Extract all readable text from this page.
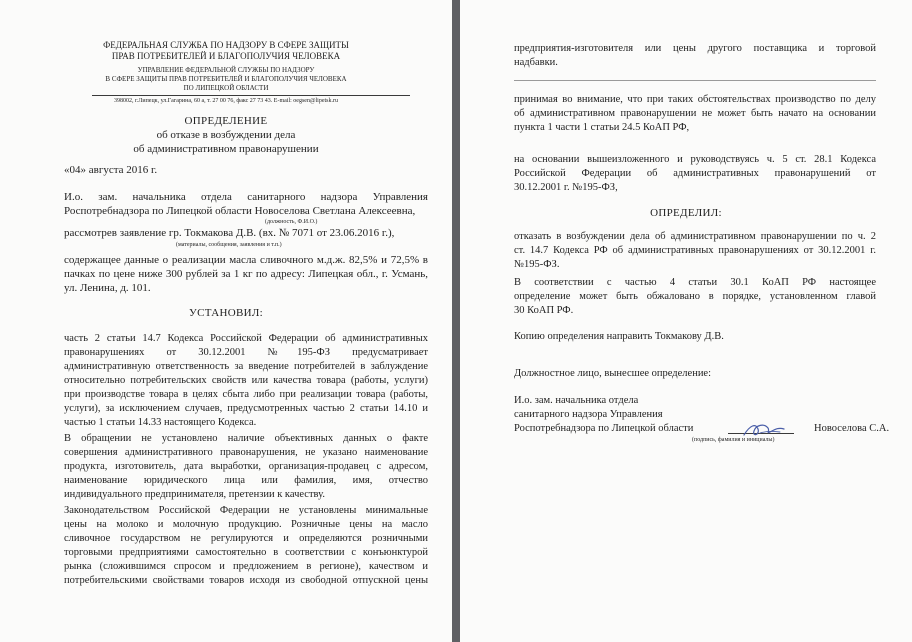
ФЕДЕРАЛЬНАЯ СЛУЖБА ПО НАДЗОРУ В СФЕРЕ ЗАЩИТЫ
ПРАВ ПОТРЕБИТЕЛЕЙ И БЛАГОПОЛУЧИЯ ЧЕЛОВЕКА
УПРАВЛЕНИЕ ФЕДЕРАЛЬНОЙ СЛУЖБЫ ПО НАДЗОРУ
В СФЕРЕ ЗАЩИТЫ ПРАВ ПОТРЕБИТЕЛЕЙ И БЛАГОПОЛУЧИЯ ЧЕЛОВЕКА
ПО ЛИПЕЦКОЙ ОБЛАСТИ
398002, г.Липецк, ул.Гагарина, 60 а, т. 27 00 76, факс 27 73 43. E-mail: oegsen@lipetsk.ru
ОПРЕДЕЛЕНИЕ
об отказе в возбуждении дела
об административном правонарушении
«04» августа 2016 г.
И.о. зам. начальника отдела санитарного надзора Управления
Роспотребнадзора по Липецкой области Новоселова Светлана Алексеевна,
(должность, Ф.И.О.)
рассмотрев заявление гр. Токмакова Д.В. (вх. № 7071 от 23.06.2016 г.),
(материалы, сообщения, заявления и т.п.)
содержащее данные о реализации масла сливочного м.д.ж. 82,5% и 72,5% в
пачках по цене ниже 300 рублей за 1 кг по адресу: Липецкая обл., г. Усмань,
ул. Ленина, д. 101.
УСТАНОВИЛ:
часть 2 статьи 14.7 Кодекса Российской Федерации об административных
правонарушениях от 30.12.2001 №195-ФЗ предусматривает
административную ответственность за введение потребителей в заблуждение
относительно потребительских свойств или качества товара (работы, услуги)
при производстве товара в целях сбыта либо при реализации товара (работы,
услуги), за исключением случаев, предусмотренных частью 2 статьи 14.10 и
частью 1 статьи 14.33 настоящего Кодекса.
В обращении не установлено наличие объективных данных о факте
совершения административного правонарушения, не указано наименование
продукта, изготовитель, дата выработки, организация-продавец с адресом,
наименование юридического лица или фамилия, имя, отчество
индивидуального предпринимателя, претензии к качеству.
Законодательством Российской Федерации не установлены минимальные
цены на молоко и молочную продукцию. Розничные цены на масло
сливочное государством не регулируются и определяются розничными
торговыми предприятиями самостоятельно в соответствии с конъюнктурой
рынка (сложившимся спросом и предложением в регионе), качеством и
потребительскими свойствами товаров исходя из свободной отпускной цены
предприятия-изготовителя или цены другого поставщика и торговой
надбавки.
принимая во внимание, что при таких обстоятельствах производство по делу
об административном правонарушении не может быть начато на основании
пункта 1 части 1 статьи 24.5 КоАП РФ,
на основании вышеизложенного и руководствуясь ч. 5 ст. 28.1 Кодекса
Российской Федерации об административных правонарушений от
30.12.2001 г. №195-ФЗ,
ОПРЕДЕЛИЛ:
отказать в возбуждении дела об административном правонарушении по ч. 2
ст. 14.7 Кодекса РФ об административных правонарушениях от 30.12.2001 г.
№195-ФЗ.
В соответствии с частью 4 статьи 30.1 КоАП РФ настоящее
определение может быть обжаловано в порядке, установленном главой
30 КоАП РФ.
Копию определения направить Токмакову Д.В.
Должностное лицо, вынесшее определение:
И.о. зам. начальника отдела
санитарного надзора Управления
Роспотребнадзора по Липецкой области	Новоселова С.А.
(подпись, фамилия и инициалы)
